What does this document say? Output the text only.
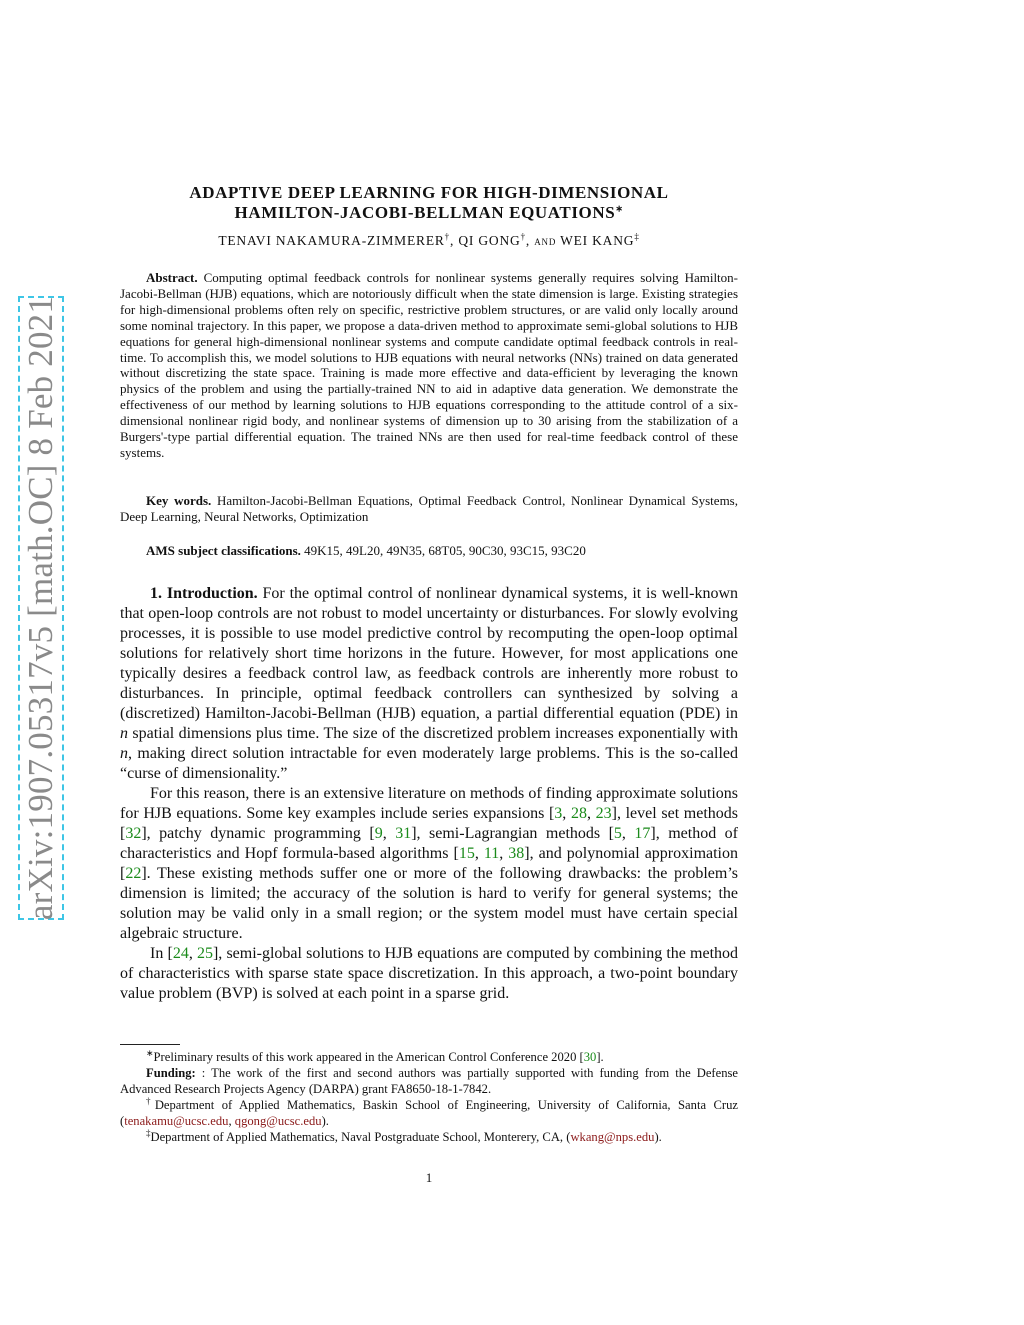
arXiv:1907.05317v5 [math.OC] 8 Feb 2021
ADAPTIVE DEEP LEARNING FOR HIGH-DIMENSIONAL
HAMILTON-JACOBI-BELLMAN EQUATIONS∗
TENAVI NAKAMURA-ZIMMERER†, QI GONG†, and WEI KANG‡
Abstract. Computing optimal feedback controls for nonlinear systems generally requires solving Hamilton-Jacobi-Bellman (HJB) equations, which are notoriously difficult when the state dimension is large. Existing strategies for high-dimensional problems often rely on specific, restrictive problem structures, or are valid only locally around some nominal trajectory. In this paper, we propose a data-driven method to approximate semi-global solutions to HJB equations for general high-dimensional nonlinear systems and compute candidate optimal feedback controls in real-time. To accomplish this, we model solutions to HJB equations with neural networks (NNs) trained on data generated without discretizing the state space. Training is made more effective and data-efficient by leveraging the known physics of the problem and using the partially-trained NN to aid in adaptive data generation. We demonstrate the effectiveness of our method by learning solutions to HJB equations corresponding to the attitude control of a six-dimensional nonlinear rigid body, and nonlinear systems of dimension up to 30 arising from the stabilization of a Burgers'-type partial differential equation. The trained NNs are then used for real-time feedback control of these systems.
Key words. Hamilton-Jacobi-Bellman Equations, Optimal Feedback Control, Nonlinear Dynamical Systems, Deep Learning, Neural Networks, Optimization
AMS subject classifications. 49K15, 49L20, 49N35, 68T05, 90C30, 93C15, 93C20

1. Introduction. For the optimal control of nonlinear dynamical systems, it is well-known that open-loop controls are not robust to model uncertainty or disturbances. For slowly evolving processes, it is possible to use model predictive control by recomputing the open-loop optimal solutions for relatively short time horizons in the future. However, for most applications one typically desires a feedback control law, as feedback controls are inherently more robust to disturbances. In principle, optimal feedback controllers can synthesized by solving a (discretized) Hamilton-Jacobi-Bellman (HJB) equation, a partial differential equation (PDE) in n spatial dimensions plus time. The size of the discretized problem increases exponentially with n, making direct solution intractable for even moderately large problems. This is the so-called “curse of dimensionality.”

For this reason, there is an extensive literature on methods of finding approximate solutions for HJB equations. Some key examples include series expansions [3, 28, 23], level set methods [32], patchy dynamic programming [9, 31], semi-Lagrangian methods [5, 17], method of characteristics and Hopf formula-based algorithms [15, 11, 38], and polynomial approximation [22]. These existing methods suffer one or more of the following drawbacks: the problem’s dimension is limited; the accuracy of the solution is hard to verify for general systems; the solution may be valid only in a small region; or the system model must have certain special algebraic structure.

In [24, 25], semi-global solutions to HJB equations are computed by combining the method of characteristics with sparse state space discretization. In this approach, a two-point boundary value problem (BVP) is solved at each point in a sparse grid.

∗Preliminary results of this work appeared in the American Control Conference 2020 [30].

Funding: : The work of the first and second authors was partially supported with funding from the Defense Advanced Research Projects Agency (DARPA) grant FA8650-18-1-7842.

†Department of Applied Mathematics, Baskin School of Engineering, University of California, Santa Cruz (tenakamu@ucsc.edu, qgong@ucsc.edu).

‡Department of Applied Mathematics, Naval Postgraduate School, Monterery, CA, (wkang@nps.edu).

1
